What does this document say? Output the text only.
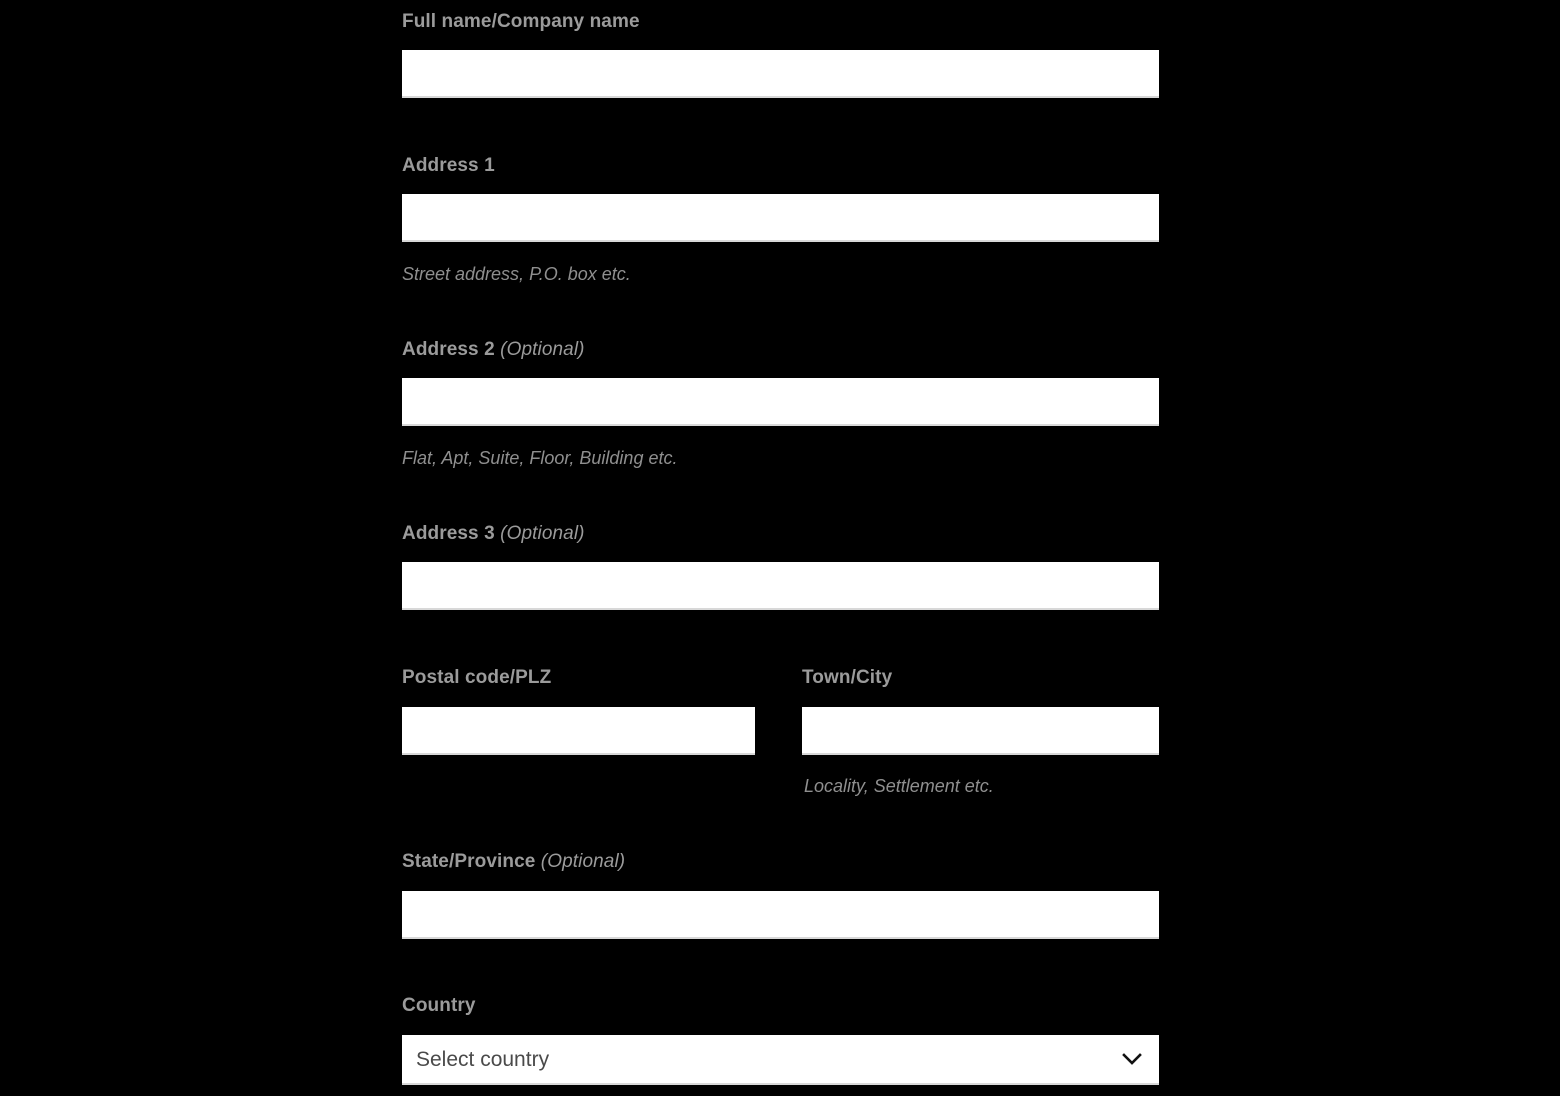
Full name/Company name
Address 1
Street address, P.O. box etc.
Address 2 (Optional)
Flat, Apt, Suite, Floor, Building etc.
Address 3 (Optional)
Postal code/PLZ	Town/City
Locality, Settlement etc.
State/Province (Optional)
Country
Select country
